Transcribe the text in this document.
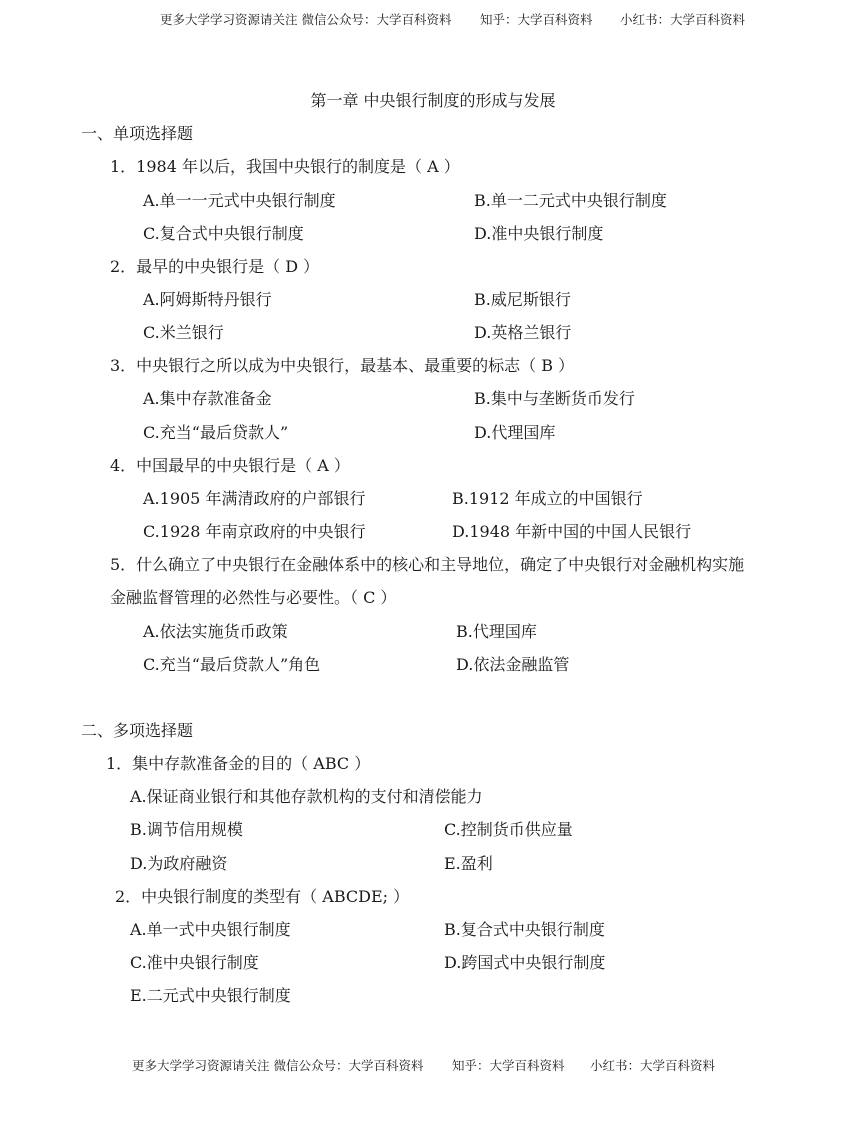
更多大学学习资源请关注 微信公众号：大学百科资料

知乎：大学百科资料

小红书：大学百科资料

第一章 中央银行制度的形成与发展
一、单项选择题
1．1984 年以后，我国中央银行的制度是（ A ）
A.单一一元式中央银行制度	B.单一二元式中央银行制度
C.复合式中央银行制度	D.准中央银行制度
2．最早的中央银行是（ D ）
A.阿姆斯特丹银行	B.威尼斯银行
C.米兰银行	D.英格兰银行
3．中央银行之所以成为中央银行，最基本、最重要的标志（ B ）
A.集中存款准备金	B.集中与垄断货币发行
C.充当“最后贷款人”	D.代理国库
4．中国最早的中央银行是（ A ）
A.1905 年满清政府的户部银行	B.1912 年成立的中国银行
C.1928 年南京政府的中央银行	D.1948 年新中国的中国人民银行
5．什么确立了中央银行在金融体系中的核心和主导地位，确定了中央银行对金融机构实施
金融监督管理的必然性与必要性。（ C ）
A.依法实施货币政策	B.代理国库
C.充当“最后贷款人”角色	D.依法金融监管
二、多项选择题
1．集中存款准备金的目的（ ABC ）
A.保证商业银行和其他存款机构的支付和清偿能力
B.调节信用规模	C.控制货币供应量
D.为政府融资	E.盈利
2．中央银行制度的类型有（ ABCDE; ）
A.单一式中央银行制度	B.复合式中央银行制度
C.准中央银行制度	D.跨国式中央银行制度
E.二元式中央银行制度

更多大学学习资源请关注 微信公众号：大学百科资料

知乎：大学百科资料

小红书：大学百科资料
